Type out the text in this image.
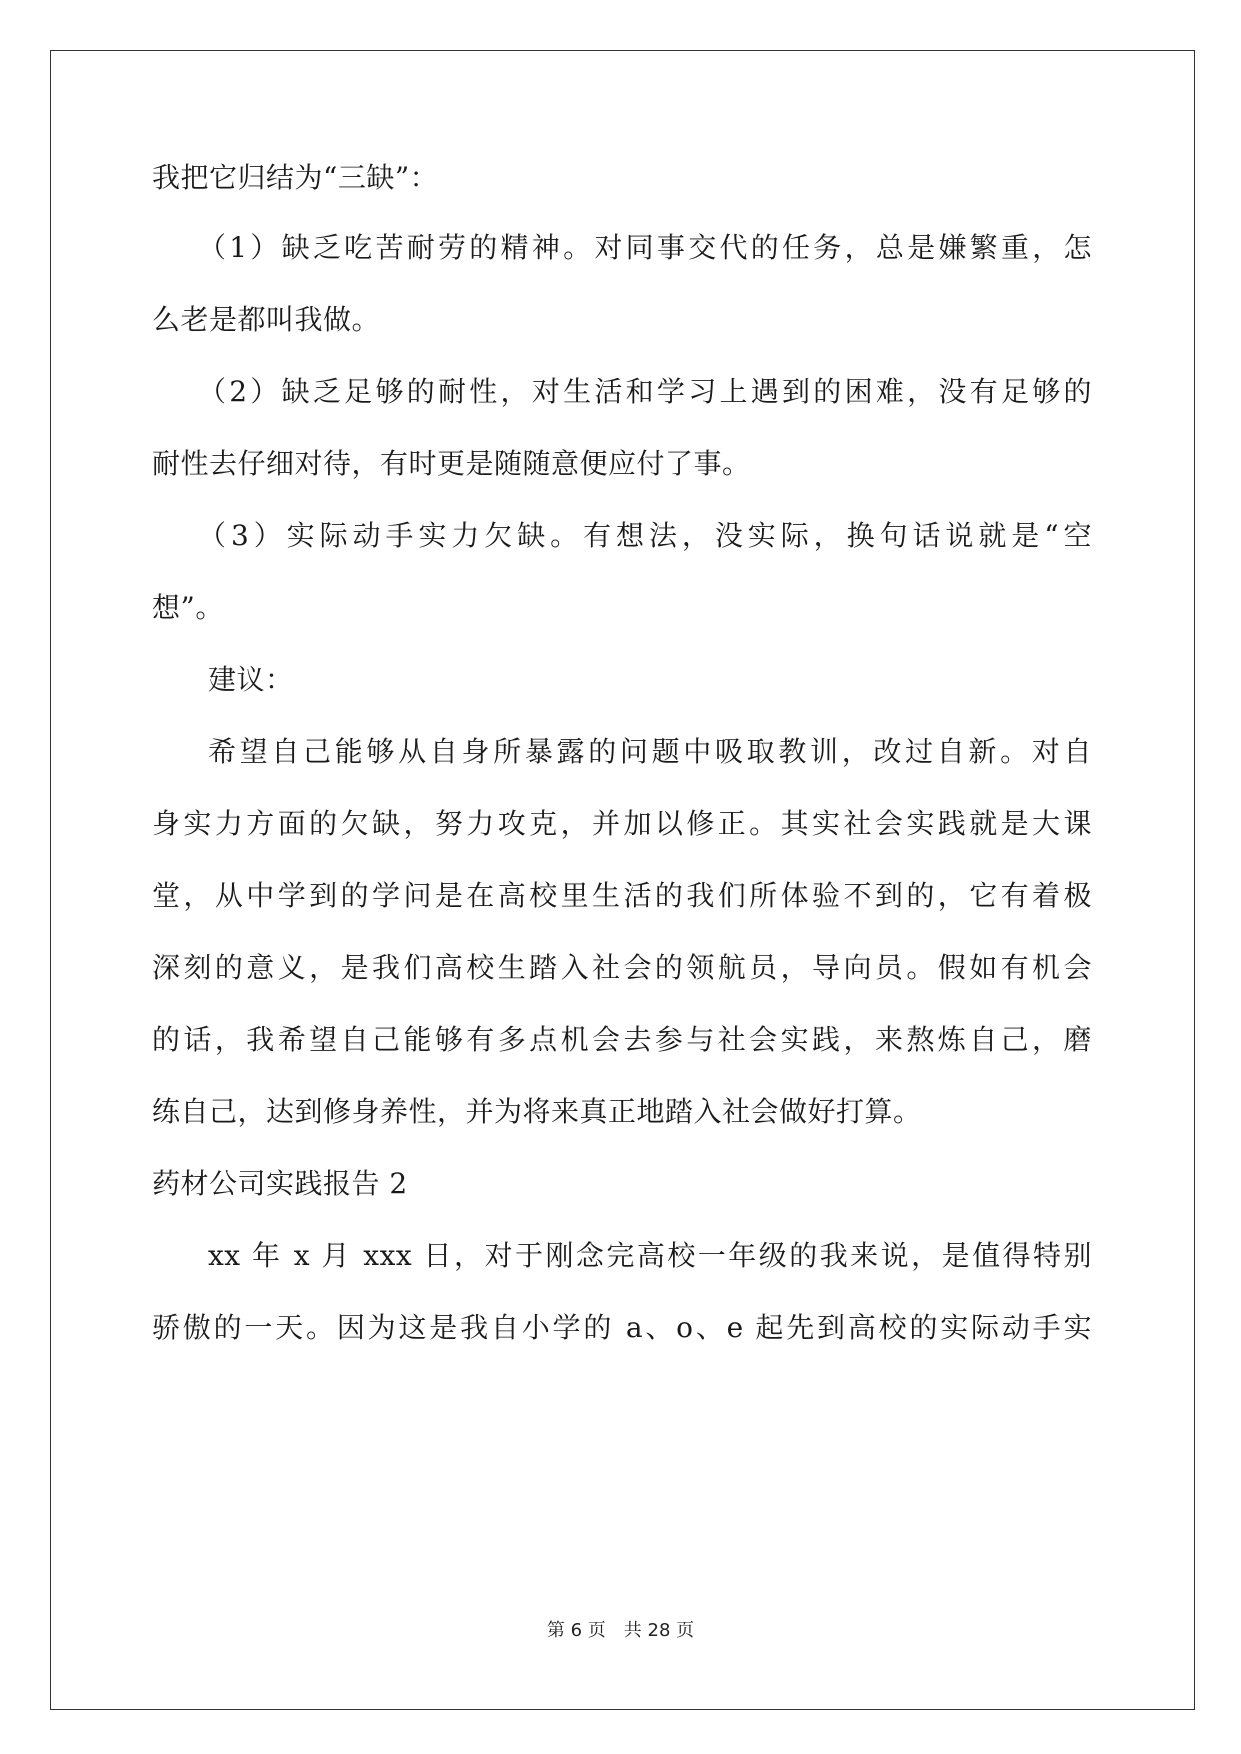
我把它归结为“三缺”：
（1）缺乏吃苦耐劳的精神。对同事交代的任务，总是嫌繁重，怎
么老是都叫我做。
（2）缺乏足够的耐性，对生活和学习上遇到的困难，没有足够的
耐性去仔细对待，有时更是随随意便应付了事。
（3）实际动手实力欠缺。有想法，没实际，换句话说就是“空
想”。
建议：
希望自己能够从自身所暴露的问题中吸取教训，改过自新。对自
身实力方面的欠缺，努力攻克，并加以修正。其实社会实践就是大课
堂，从中学到的学问是在高校里生活的我们所体验不到的，它有着极
深刻的意义，是我们高校生踏入社会的领航员，导向员。假如有机会
的话，我希望自己能够有多点机会去参与社会实践，来熬炼自己，磨
练自己，达到修身养性，并为将来真正地踏入社会做好打算。
药材公司实践报告 2
xx 年 x 月 xxx 日，对于刚念完高校一年级的我来说，是值得特别
骄傲的一天。因为这是我自小学的 a、o、e 起先到高校的实际动手实
第 6 页　共 28 页
